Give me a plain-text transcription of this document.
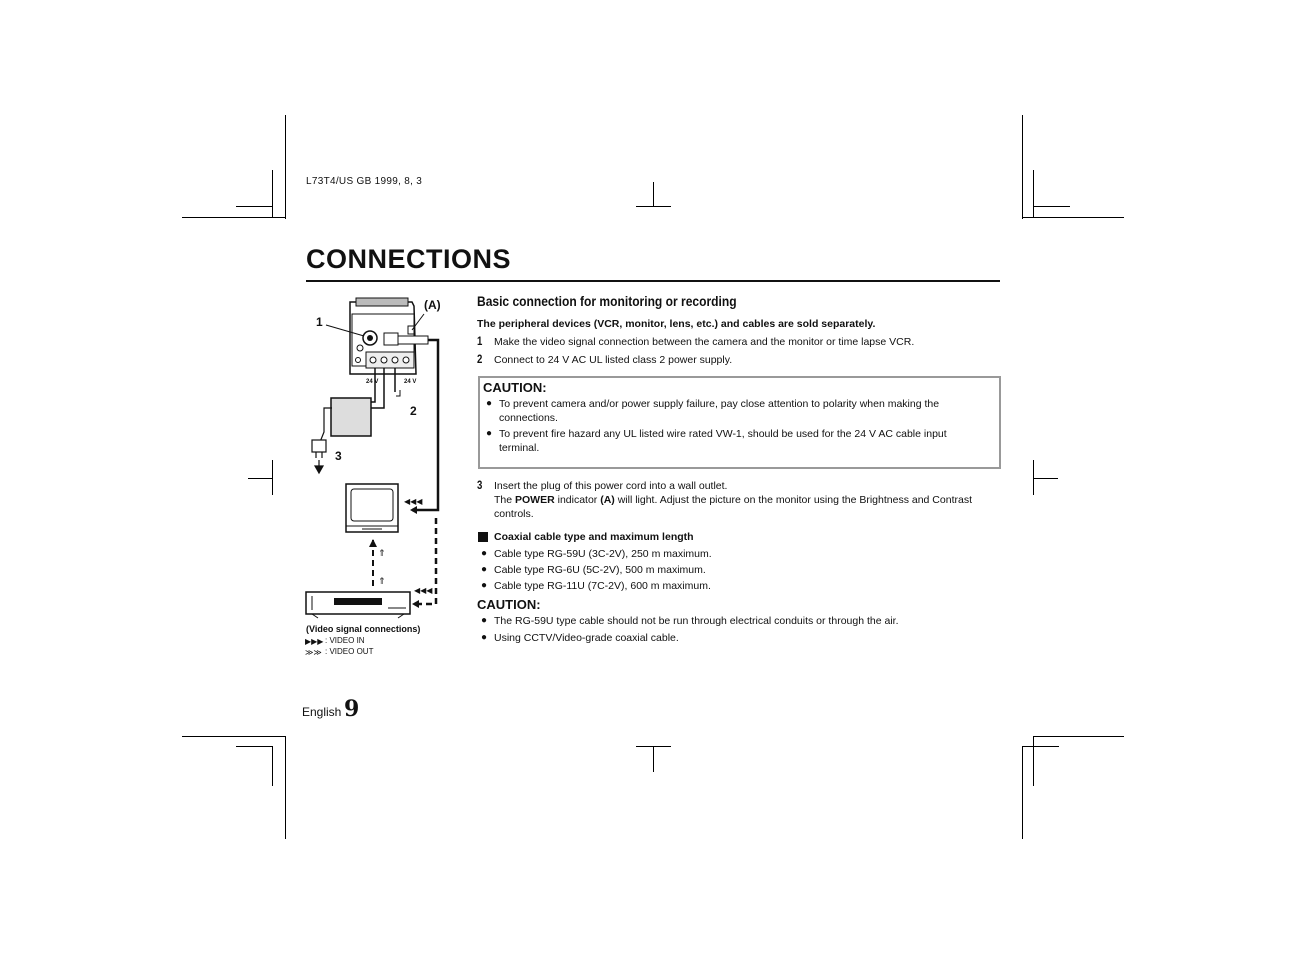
L73T4/US GB 1999, 8, 3
CONNECTIONS
◀◀◀
◀◀◀
⇑
⇑
▶▶▶
≫≫
1
(A)
2
3
24 V	24 V
(Video signal connections)
: VIDEO IN
: VIDEO OUT
Basic connection for monitoring or recording
The peripheral devices (VCR, monitor, lens, etc.) and cables are sold separately.
1 Make the video signal connection between the camera and the monitor or time lapse VCR.
2 Connect to 24 V AC UL listed class 2 power supply.
CAUTION:
● To prevent camera and/or power supply failure, pay close attention to polarity when making the
connections.
● To prevent fire hazard any UL listed wire rated VW-1, should be used for the 24 V AC cable input
terminal.
3 Insert the plug of this power cord into a wall outlet.
The POWER indicator (A) will light. Adjust the picture on the monitor using the Brightness and Contrast
controls.
Coaxial cable type and maximum length
● Cable type RG-59U (3C-2V), 250 m maximum.
● Cable type RG-6U (5C-2V), 500 m maximum.
● Cable type RG-11U (7C-2V), 600 m maximum.
CAUTION:
● The RG-59U type cable should not be run through electrical conduits or through the air.
● Using CCTV/Video-grade coaxial cable.
English 9
